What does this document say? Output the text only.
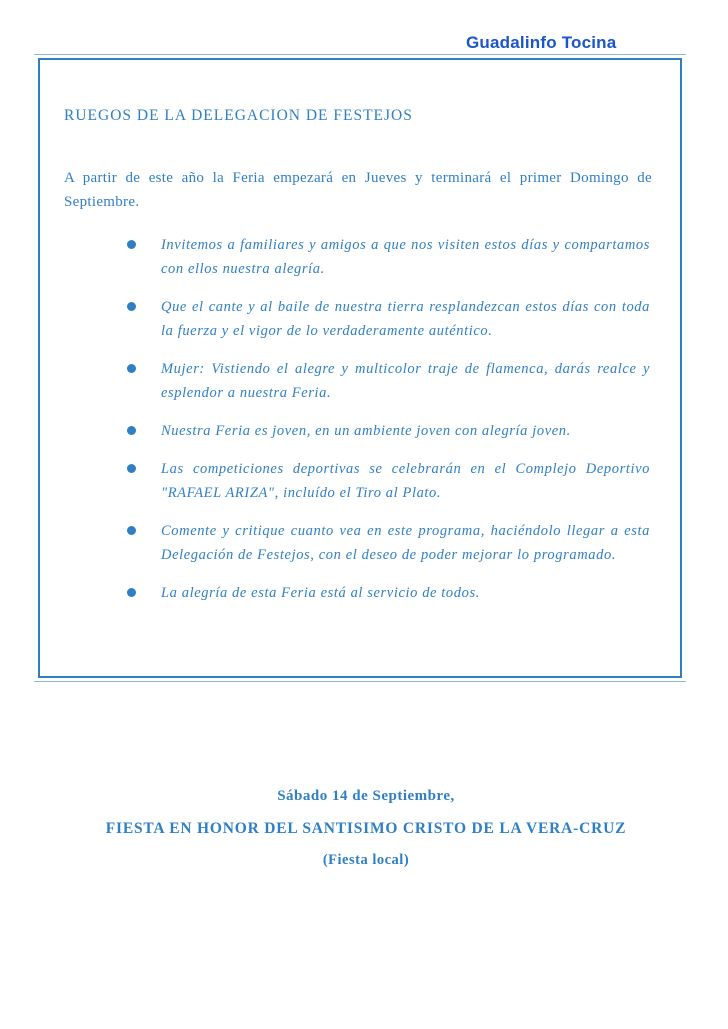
Guadalinfo Tocina
RUEGOS DE LA DELEGACION DE FESTEJOS
A partir de este año la Feria empezará en Jueves y terminará el primer Domingo de Septiembre.
Invitemos a familiares y amigos a que nos visiten estos días y compartamos con ellos nuestra alegría.
Que el cante y al baile de nuestra tierra resplandezcan estos días con toda la fuerza y el vigor de lo verdaderamente auténtico.
Mujer: Vistiendo el alegre y multicolor traje de flamenca, darás realce y esplendor a nuestra Feria.
Nuestra Feria es joven, en un ambiente joven con alegría joven.
Las competiciones deportivas se celebrarán en el Complejo Deportivo "RAFAEL ARIZA", incluído el Tiro al Plato.
Comente y critique cuanto vea en este programa, haciéndolo llegar a esta Delegación de Festejos, con el deseo de poder mejorar lo programado.
La alegría de esta Feria está al servicio de todos.
Sábado 14 de Septiembre,
FIESTA EN HONOR DEL SANTISIMO CRISTO DE LA VERA-CRUZ
(Fiesta local)
